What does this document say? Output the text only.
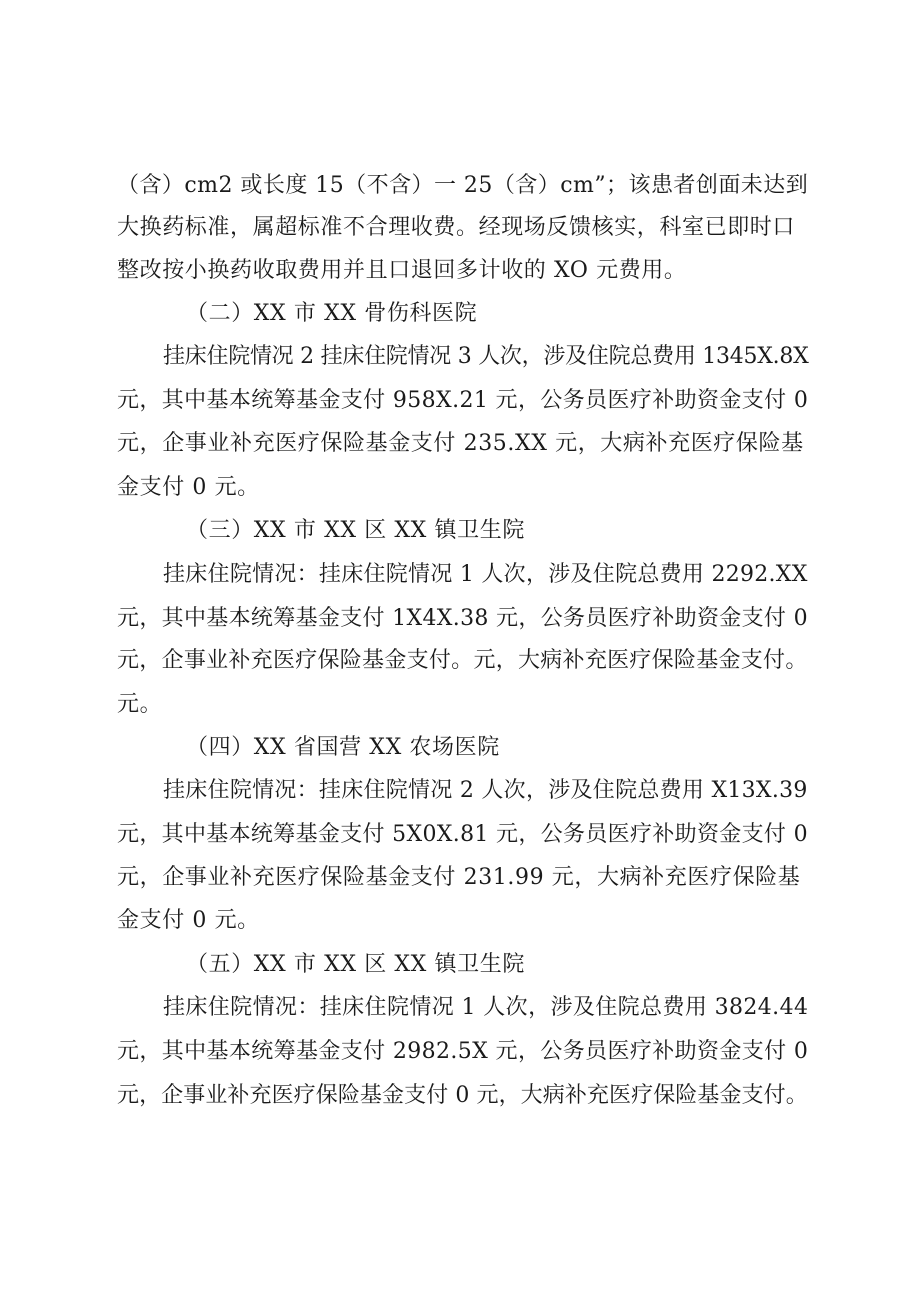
（含）cm2 或长度 15（不含）一 25（含）cm”；该患者创面未达到
大换药标准，属超标准不合理收费。经现场反馈核实，科室已即时口
整改按小换药收取费用并且口退回多计收的 XO 元费用。
（二）XX 市 XX 骨伤科医院
挂床住院情况 2 挂床住院情况 3 人次，涉及住院总费用 1345X.8X
元，其中基本统筹基金支付 958X.21 元，公务员医疗补助资金支付 0
元，企事业补充医疗保险基金支付 235.XX 元，大病补充医疗保险基
金支付 0 元。
（三）XX 市 XX 区 XX 镇卫生院
挂床住院情况：挂床住院情况 1 人次，涉及住院总费用 2292.XX
元，其中基本统筹基金支付 1X4X.38 元，公务员医疗补助资金支付 0
元，企事业补充医疗保险基金支付。元，大病补充医疗保险基金支付。
元。
（四）XX 省国营 XX 农场医院
挂床住院情况：挂床住院情况 2 人次，涉及住院总费用 X13X.39
元，其中基本统筹基金支付 5X0X.81 元，公务员医疗补助资金支付 0
元，企事业补充医疗保险基金支付 231.99 元，大病补充医疗保险基
金支付 0 元。
（五）XX 市 XX 区 XX 镇卫生院
挂床住院情况：挂床住院情况 1 人次，涉及住院总费用 3824.44
元，其中基本统筹基金支付 2982.5X 元，公务员医疗补助资金支付 0
元，企事业补充医疗保险基金支付 0 元，大病补充医疗保险基金支付。
